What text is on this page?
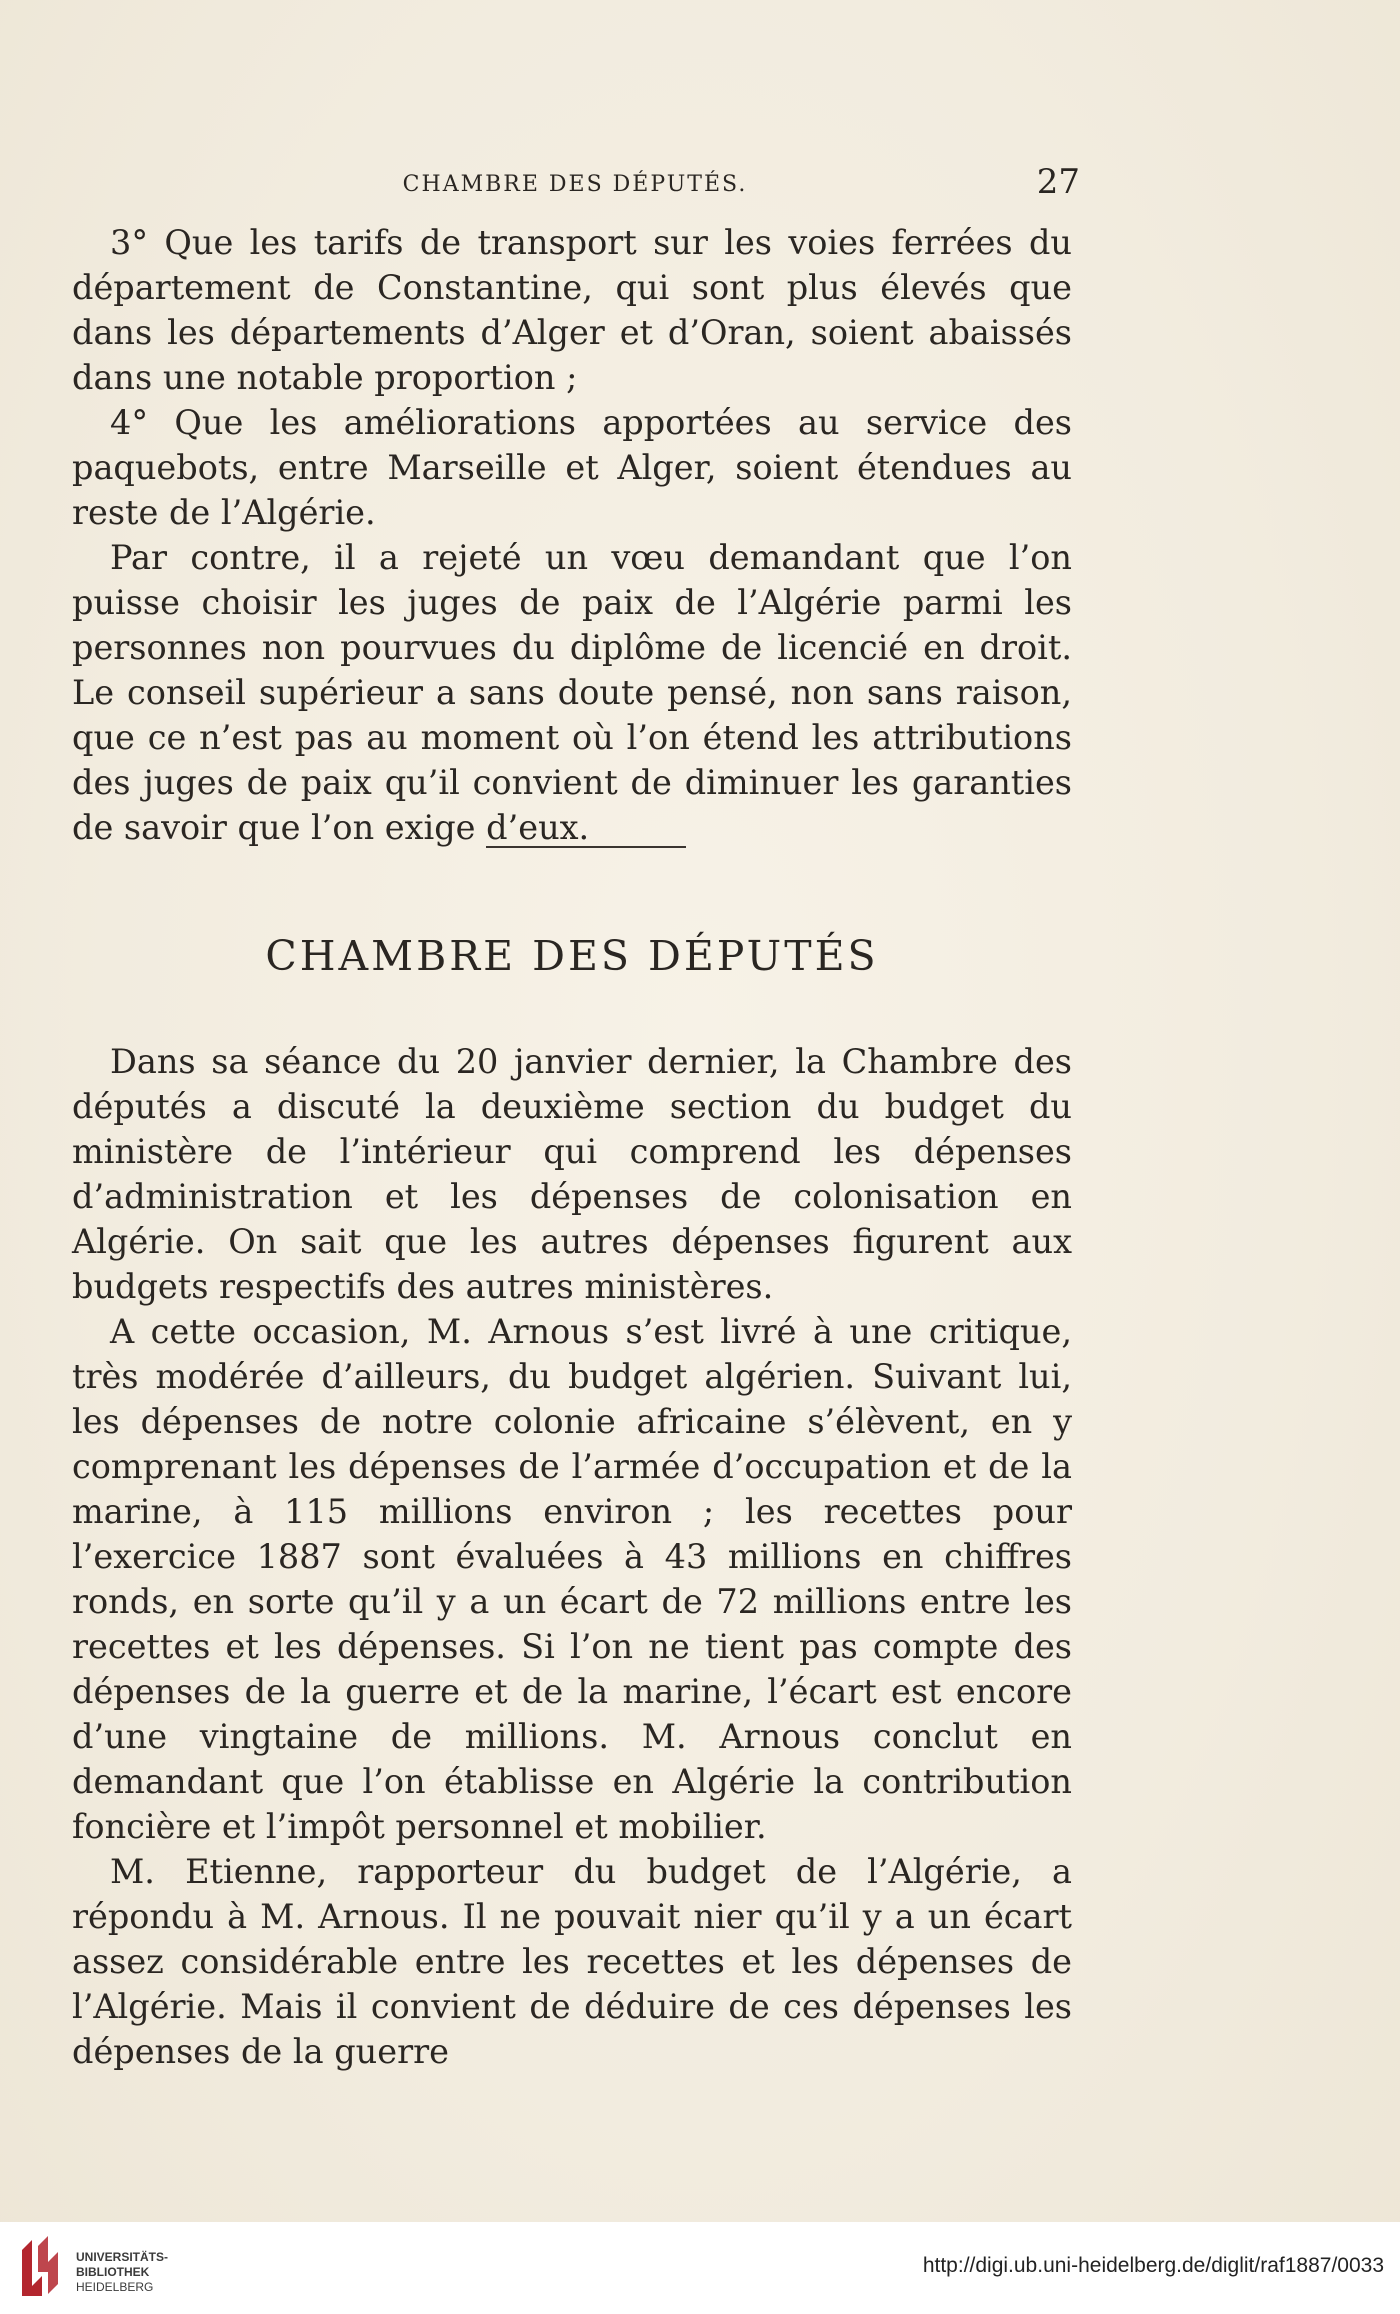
CHAMBRE DES DÉPUTÉS.	27

3° Que les tarifs de transport sur les voies ferrées du département de Constantine, qui sont plus élevés que dans les départements d’Alger et d’Oran, soient abaissés dans une notable proportion ;

4° Que les améliorations apportées au service des paquebots, entre Marseille et Alger, soient étendues au reste de l’Algérie.

Par contre, il a rejeté un vœu demandant que l’on puisse choisir les juges de paix de l’Algérie parmi les personnes non pourvues du diplôme de licencié en droit. Le conseil supérieur a sans doute pensé, non sans raison, que ce n’est pas au moment où l’on étend les attributions des juges de paix qu’il convient de diminuer les garanties de savoir que l’on exige d’eux.

CHAMBRE DES DÉPUTÉS

Dans sa séance du 20 janvier dernier, la Chambre des députés a discuté la deuxième section du budget du ministère de l’intérieur qui comprend les dépenses d’administration et les dépenses de colonisation en Algérie. On sait que les autres dépenses figurent aux budgets respectifs des autres ministères.

A cette occasion, M. Arnous s’est livré à une critique, très modérée d’ailleurs, du budget algérien. Suivant lui, les dépenses de notre colonie africaine s’élèvent, en y comprenant les dépenses de l’armée d’occupation et de la marine, à 115 millions environ ; les recettes pour l’exercice 1887 sont évaluées à 43 millions en chiffres ronds, en sorte qu’il y a un écart de 72 millions entre les recettes et les dépenses. Si l’on ne tient pas compte des dépenses de la guerre et de la marine, l’écart est encore d’une vingtaine de millions. M. Arnous conclut en demandant que l’on établisse en Algérie la contribution foncière et l’impôt personnel et mobilier.

M. Etienne, rapporteur du budget de l’Algérie, a répondu à M. Arnous. Il ne pouvait nier qu’il y a un écart assez considérable entre les recettes et les dépenses de l’Algérie. Mais il convient de déduire de ces dépenses les dépenses de la guerre

UNIVERSITÄTS-
BIBLIOTHEK
HEIDELBERG
http://digi.ub.uni-heidelberg.de/diglit/raf1887/0033
